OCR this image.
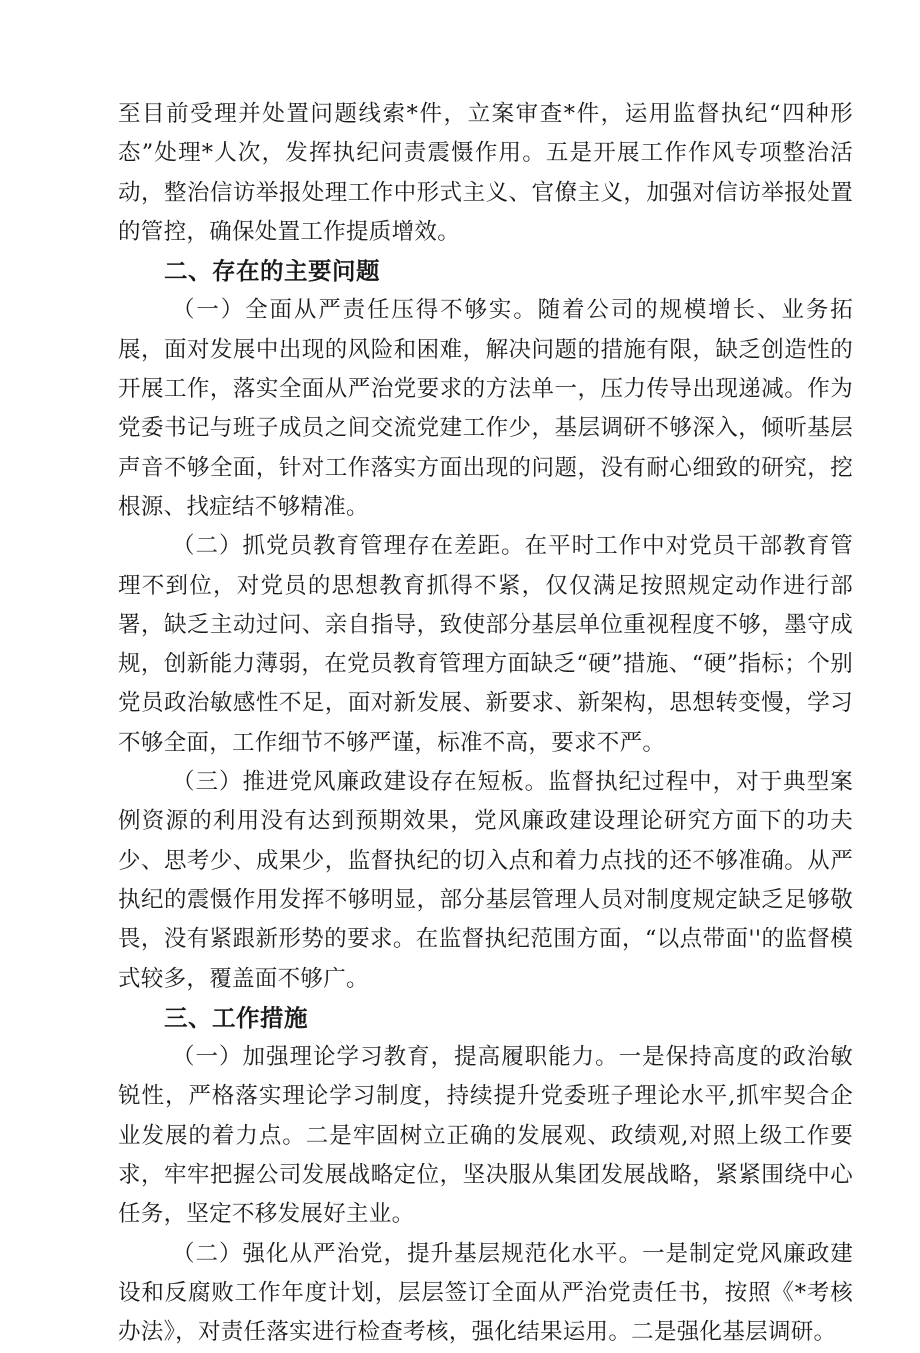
至目前受理并处置问题线索*件，立案审查*件，运用监督执纪“四种形态”处理*人次，发挥执纪问责震慑作用。五是开展工作作风专项整治活动，整治信访举报处理工作中形式主义、官僚主义，加强对信访举报处置的管控，确保处置工作提质增效。

二、存在的主要问题

（一）全面从严责任压得不够实。随着公司的规模增长、业务拓展，面对发展中出现的风险和困难，解决问题的措施有限，缺乏创造性的开展工作，落实全面从严治党要求的方法单一，压力传导出现递减。作为党委书记与班子成员之间交流党建工作少，基层调研不够深入，倾听基层声音不够全面，针对工作落实方面出现的问题，没有耐心细致的研究，挖根源、找症结不够精准。

（二）抓党员教育管理存在差距。在平时工作中对党员干部教育管理不到位，对党员的思想教育抓得不紧，仅仅满足按照规定动作进行部署，缺乏主动过问、亲自指导，致使部分基层单位重视程度不够，墨守成规，创新能力薄弱，在党员教育管理方面缺乏“硬”措施、“硬”指标；个别党员政治敏感性不足，面对新发展、新要求、新架构，思想转变慢，学习不够全面，工作细节不够严谨，标准不高，要求不严。

（三）推进党风廉政建设存在短板。监督执纪过程中，对于典型案例资源的利用没有达到预期效果，党风廉政建设理论研究方面下的功夫少、思考少、成果少，监督执纪的切入点和着力点找的还不够准确。从严执纪的震慑作用发挥不够明显，部分基层管理人员对制度规定缺乏足够敬畏，没有紧跟新形势的要求。在监督执纪范围方面，“以点带面''的监督模式较多，覆盖面不够广。

三、工作措施

（一）加强理论学习教育，提高履职能力。一是保持高度的政治敏锐性，严格落实理论学习制度，持续提升党委班子理论水平,抓牢契合企业发展的着力点。二是牢固树立正确的发展观、政绩观,对照上级工作要求，牢牢把握公司发展战略定位，坚决服从集团发展战略，紧紧围绕中心任务，坚定不移发展好主业。

（二）强化从严治党，提升基层规范化水平。一是制定党风廉政建设和反腐败工作年度计划，层层签订全面从严治党责任书，按照《*考核办法》，对责任落实进行检查考核，强化结果运用。二是强化基层调研。
